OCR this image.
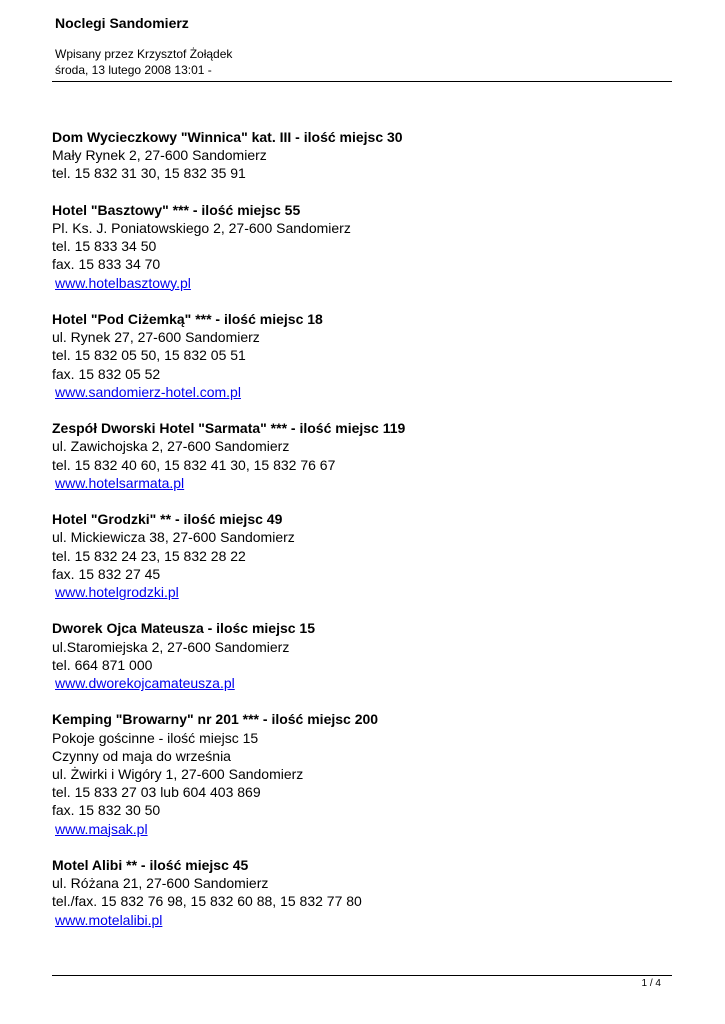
Noclegi Sandomierz
Wpisany przez Krzysztof Żołądek
środa, 13 lutego 2008 13:01 -
Dom Wycieczkowy "Winnica" kat. III - ilość miejsc 30
Mały Rynek 2, 27-600 Sandomierz
tel. 15 832 31 30, 15 832 35 91
Hotel "Basztowy" *** - ilość miejsc 55
Pl. Ks. J. Poniatowskiego 2, 27-600 Sandomierz
tel. 15 833 34 50
fax. 15 833 34 70
www.hotelbasztowy.pl
Hotel "Pod Ciżemką" *** - ilość miejsc 18
ul. Rynek 27, 27-600 Sandomierz
tel. 15 832 05 50, 15 832 05 51
fax. 15 832 05 52
www.sandomierz-hotel.com.pl
Zespół Dworski Hotel "Sarmata" *** - ilość miejsc 119
ul. Zawichojska 2, 27-600 Sandomierz
tel. 15 832 40 60, 15 832 41 30, 15 832 76 67
www.hotelsarmata.pl
Hotel "Grodzki" ** - ilość miejsc 49
ul. Mickiewicza 38, 27-600 Sandomierz
tel. 15 832 24 23, 15 832 28 22
fax. 15 832 27 45
www.hotelgrodzki.pl
Dworek Ojca Mateusza - ilośc miejsc 15
ul.Staromiejska 2, 27-600 Sandomierz
tel. 664 871 000
www.dworekojcamateusza.pl
Kemping "Browarny" nr 201 *** - ilość miejsc 200
Pokoje gościnne - ilość miejsc 15
Czynny od maja do września
ul. Żwirki i Wigóry 1, 27-600 Sandomierz
tel. 15 833 27 03 lub 604 403 869
fax. 15 832 30 50
www.majsak.pl
Motel Alibi ** - ilość miejsc 45
ul. Różana 21, 27-600 Sandomierz
tel./fax. 15 832 76 98, 15 832 60 88, 15 832 77 80
www.motelalibi.pl
1 / 4
